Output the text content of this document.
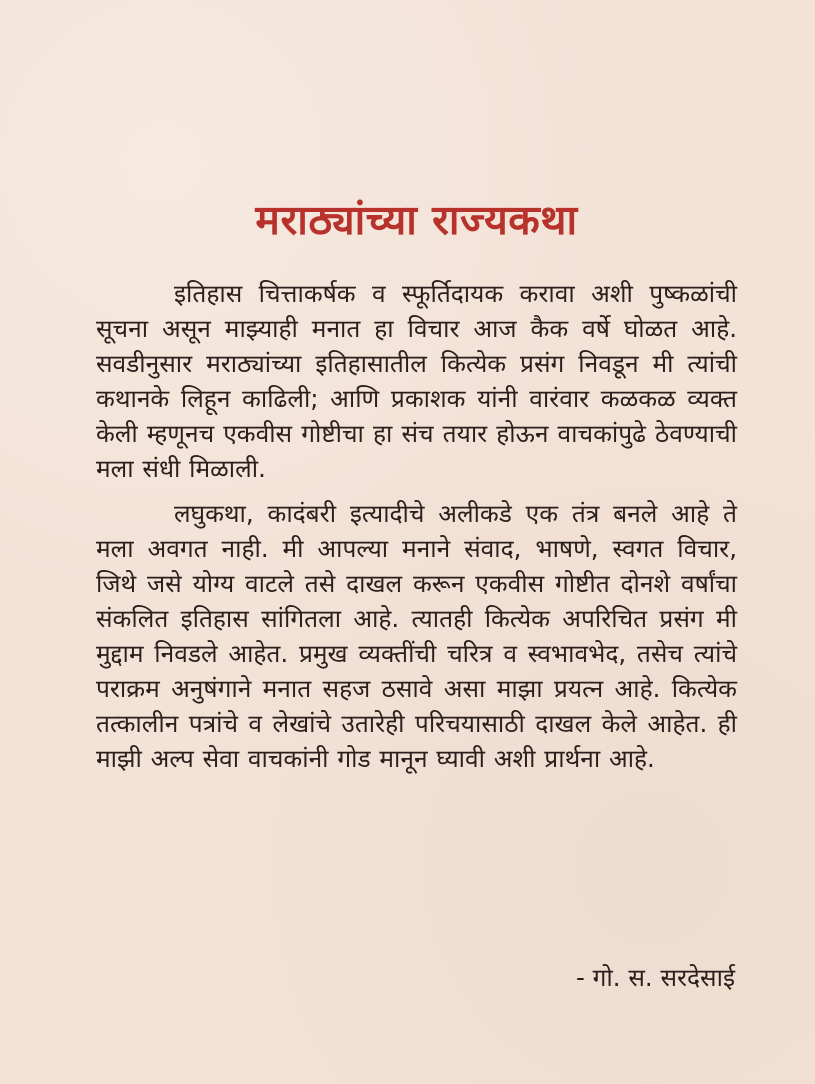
मराठ्यांच्या राज्यकथा

इतिहास चित्ताकर्षक व स्फूर्तिदायक करावा अशी पुष्कळांची सूचना असून माझ्याही मनात हा विचार आज कैक वर्षे घोळत आहे. सवडीनुसार मराठ्यांच्या इतिहासातील कित्येक प्रसंग निवडून मी त्यांची कथानके लिहून काढिली; आणि प्रकाशक यांनी वारंवार कळकळ व्यक्त केली म्हणूनच एकवीस गोष्टीचा हा संच तयार होऊन वाचकांपुढे ठेवण्याची मला संधी मिळाली.

लघुकथा, कादंबरी इत्यादीचे अलीकडे एक तंत्र बनले आहे ते मला अवगत नाही. मी आपल्या मनाने संवाद, भाषणे, स्वगत विचार, जिथे जसे योग्य वाटले तसे दाखल करून एकवीस गोष्टीत दोनशे वर्षांचा संकलित इतिहास सांगितला आहे. त्यातही कित्येक अपरिचित प्रसंग मी मुद्दाम निवडले आहेत. प्रमुख व्यक्तींची चरित्र व स्वभावभेद, तसेच त्यांचे पराक्रम अनुषंगाने मनात सहज ठसावे असा माझा प्रयत्न आहे. कित्येक तत्कालीन पत्रांचे व लेखांचे उतारेही परिचयासाठी दाखल केले आहेत. ही माझी अल्प सेवा वाचकांनी गोड मानून घ्यावी अशी प्रार्थना आहे.

- गो. स. सरदेसाई
